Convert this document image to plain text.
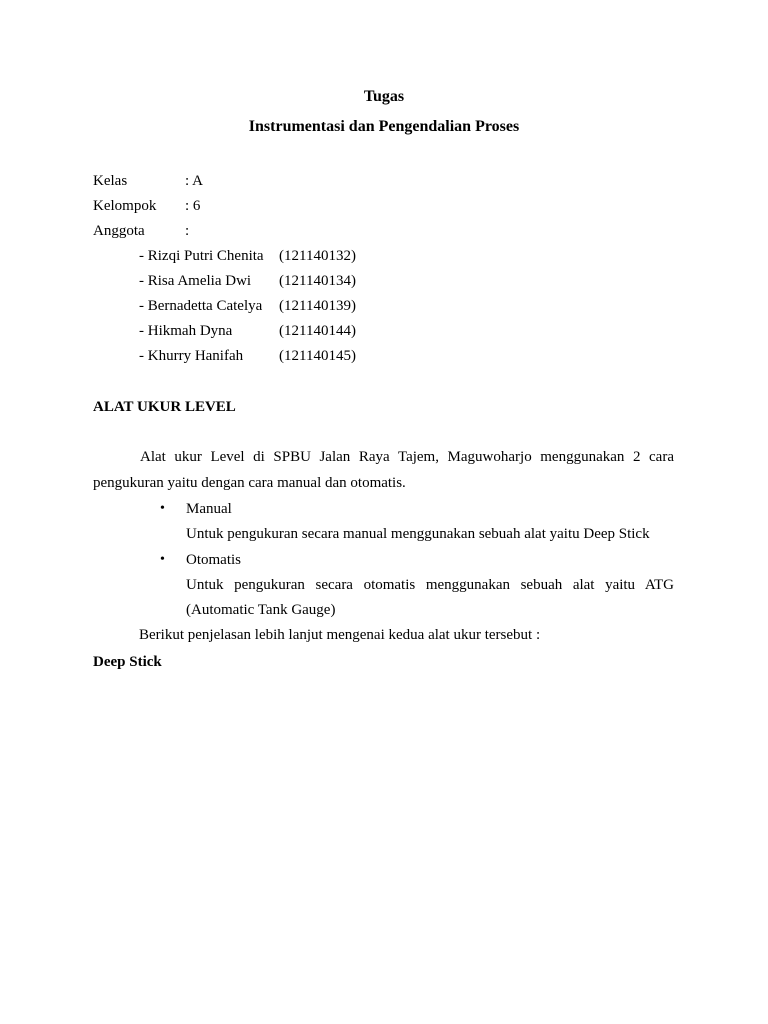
Tugas
Instrumentasi dan Pengendalian Proses
Kelas	: A
Kelompok : 6
Anggota	:
- Rizqi Putri Chenita (121140132)
- Risa Amelia Dwi (121140134)
- Bernadetta Catelya (121140139)
- Hikmah Dyna	(121140144)
- Khurry Hanifah (121140145)
ALAT UKUR LEVEL
Alat ukur Level di SPBU Jalan Raya Tajem, Maguwoharjo menggunakan 2 cara
pengukuran yaitu dengan cara manual dan otomatis.
• Manual
Untuk pengukuran secara manual menggunakan sebuah alat yaitu Deep Stick
• Otomatis
Untuk pengukuran secara otomatis menggunakan sebuah alat yaitu ATG
(Automatic Tank Gauge)
Berikut penjelasan lebih lanjut mengenai kedua alat ukur tersebut :
Deep Stick
